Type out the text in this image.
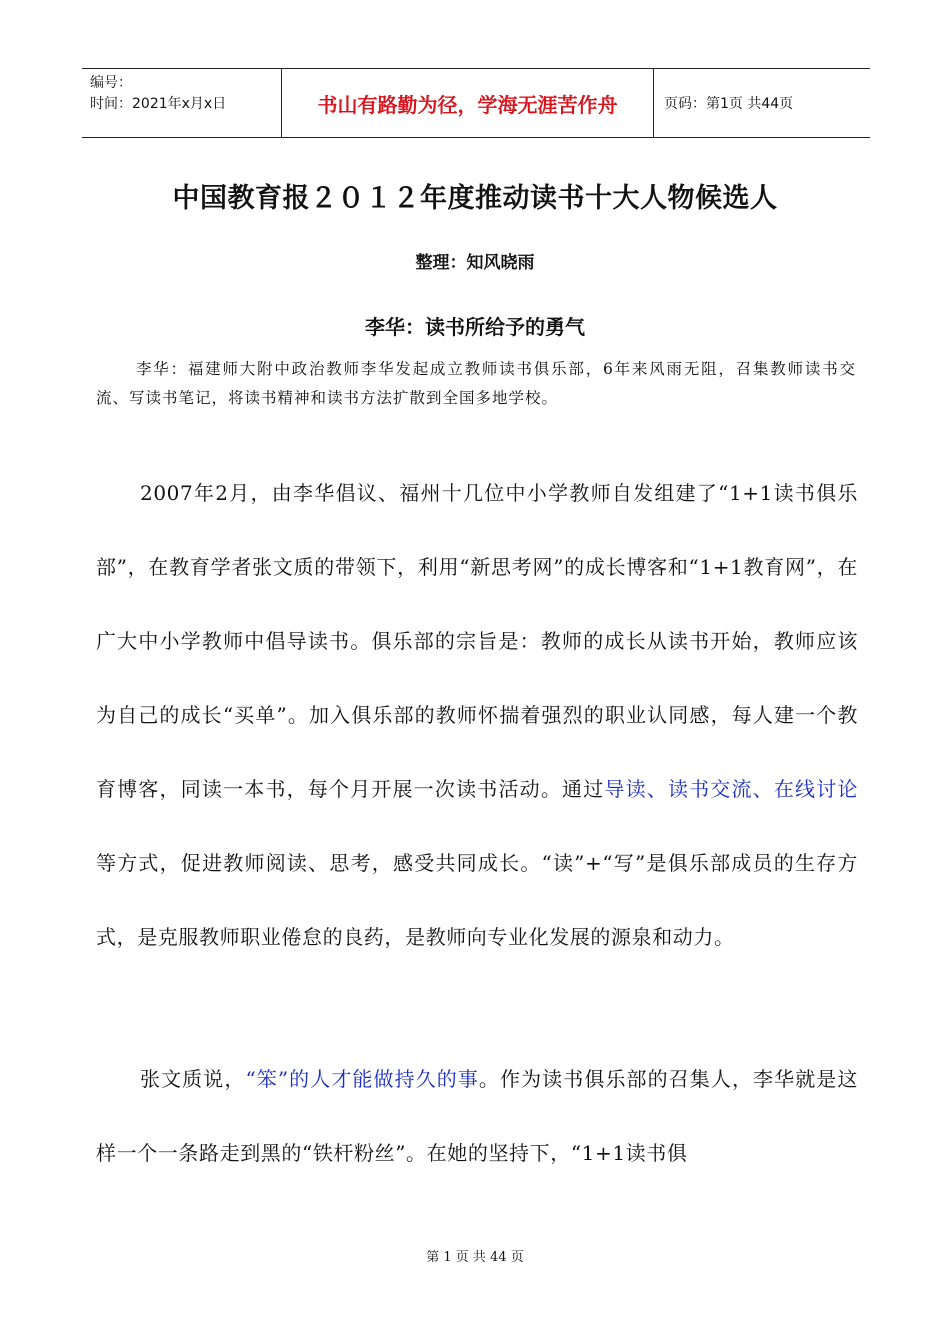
编号：
时间：2021年x月x日	书山有路勤为径，学海无涯苦作舟	页码：第1页 共44页
中国教育报２０１２年度推动读书十大人物候选人
整理：知风晓雨
李华：读书所给予的勇气
李华：福建师大附中政治教师李华发起成立教师读书俱乐部，6年来风雨无阻，召集教师读书交流、写读书笔记，将读书精神和读书方法扩散到全国多地学校。
2007年2月，由李华倡议、福州十几位中小学教师自发组建了“1+1读书俱乐部”，在教育学者张文质的带领下，利用“新思考网”的成长博客和“1+1教育网”，在广大中小学教师中倡导读书。俱乐部的宗旨是：教师的成长从读书开始，教师应该为自己的成长“买单”。加入俱乐部的教师怀揣着强烈的职业认同感，每人建一个教育博客，同读一本书，每个月开展一次读书活动。通过导读、读书交流、在线讨论等方式，促进教师阅读、思考，感受共同成长。“读”+“写”是俱乐部成员的生存方式，是克服教师职业倦怠的良药，是教师向专业化发展的源泉和动力。
张文质说，“笨”的人才能做持久的事。作为读书俱乐部的召集人，李华就是这样一个一条路走到黑的“铁杆粉丝”。在她的坚持下，“1+1读书俱
第 1 页 共 44 页
